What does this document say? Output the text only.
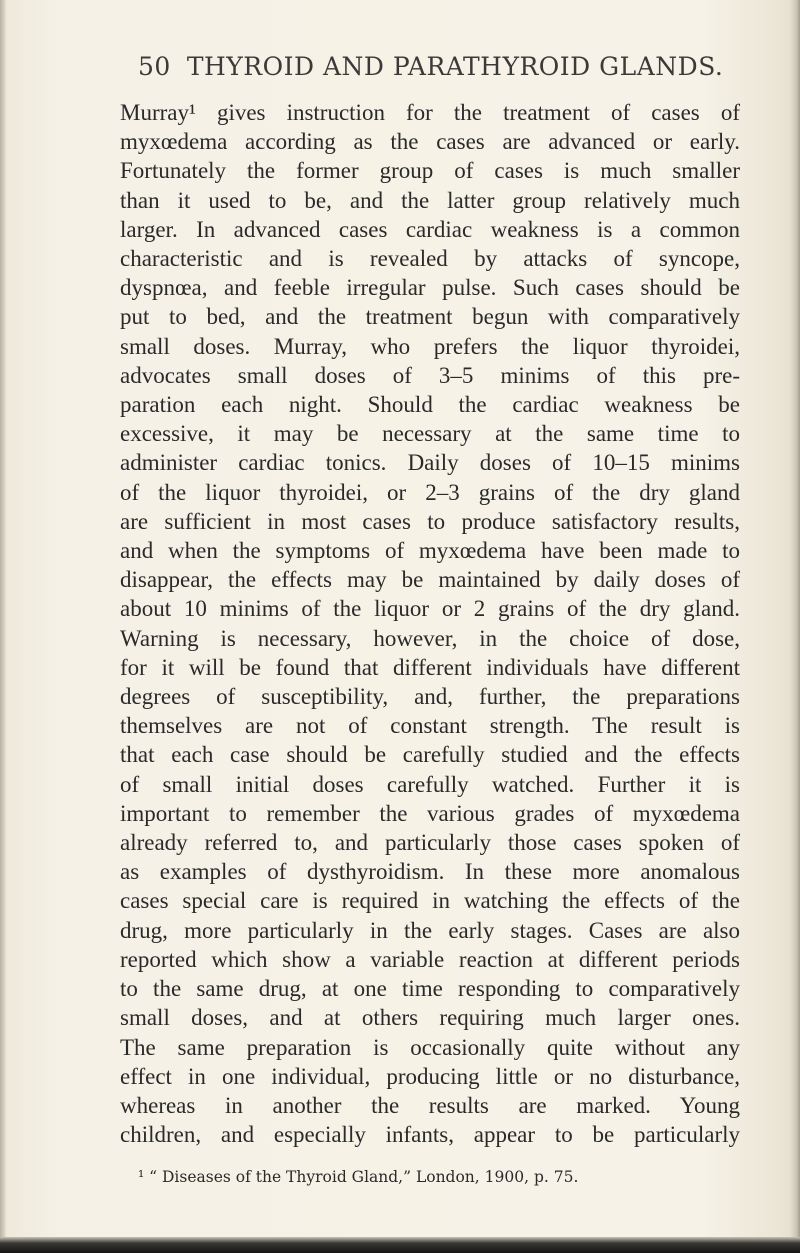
50 THYROID AND PARATHYROID GLANDS.

Murray¹ gives instruction for the treatment of cases of
myxœdema according as the cases are advanced or early.
Fortunately the former group of cases is much smaller
than it used to be, and the latter group relatively much
larger. In advanced cases cardiac weakness is a common
characteristic and is revealed by attacks of syncope,
dyspnœa, and feeble irregular pulse. Such cases should be
put to bed, and the treatment begun with comparatively
small doses. Murray, who prefers the liquor thyroidei,
advocates small doses of 3–5 minims of this pre-
paration each night. Should the cardiac weakness be
excessive, it may be necessary at the same time to
administer cardiac tonics. Daily doses of 10–15 minims
of the liquor thyroidei, or 2–3 grains of the dry gland
are sufficient in most cases to produce satisfactory results,
and when the symptoms of myxœdema have been made to
disappear, the effects may be maintained by daily doses of
about 10 minims of the liquor or 2 grains of the dry gland.
Warning is necessary, however, in the choice of dose,
for it will be found that different individuals have different
degrees of susceptibility, and, further, the preparations
themselves are not of constant strength. The result is
that each case should be carefully studied and the effects
of small initial doses carefully watched. Further it is
important to remember the various grades of myxœdema
already referred to, and particularly those cases spoken of
as examples of dysthyroidism. In these more anomalous
cases special care is required in watching the effects of the
drug, more particularly in the early stages. Cases are also
reported which show a variable reaction at different periods
to the same drug, at one time responding to comparatively
small doses, and at others requiring much larger ones.
The same preparation is occasionally quite without any
effect in one individual, producing little or no disturbance,
whereas in another the results are marked. Young
children, and especially infants, appear to be particularly

¹ “ Diseases of the Thyroid Gland,” London, 1900, p. 75.
